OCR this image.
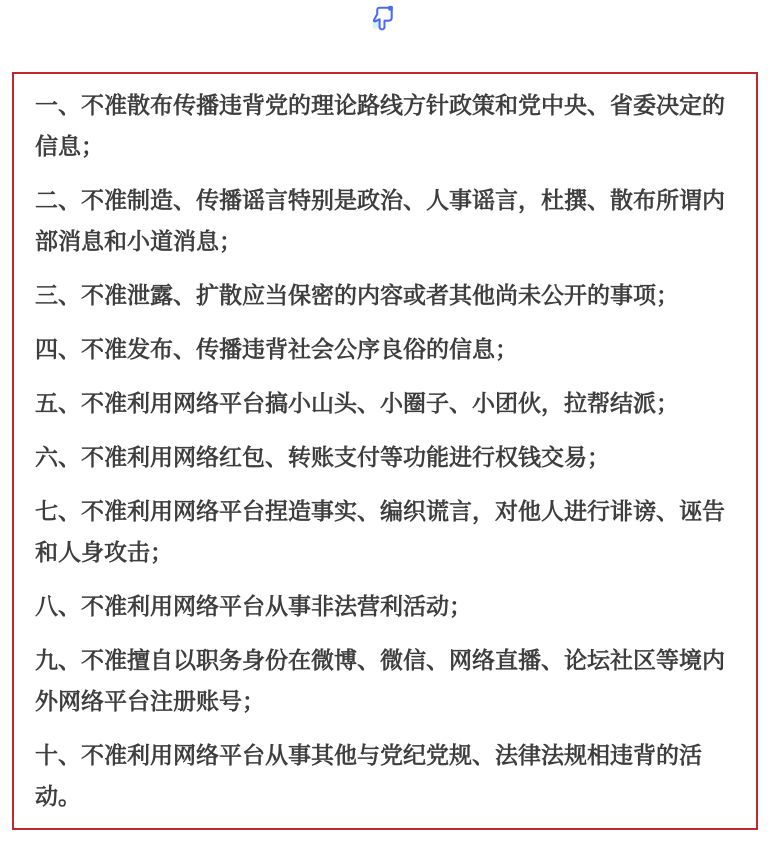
一、不准散布传播违背党的理论路线方针政策和党中央、省委决定的信息；

二、不准制造、传播谣言特别是政治、人事谣言，杜撰、散布所谓内部消息和小道消息；

三、不准泄露、扩散应当保密的内容或者其他尚未公开的事项；

四、不准发布、传播违背社会公序良俗的信息；

五、不准利用网络平台搞小山头、小圈子、小团伙，拉帮结派；

六、不准利用网络红包、转账支付等功能进行权钱交易；

七、不准利用网络平台捏造事实、编织谎言，对他人进行诽谤、诬告和人身攻击；

八、不准利用网络平台从事非法营利活动；

九、不准擅自以职务身份在微博、微信、网络直播、论坛社区等境内外网络平台注册账号；

十、不准利用网络平台从事其他与党纪党规、法律法规相违背的活动。
